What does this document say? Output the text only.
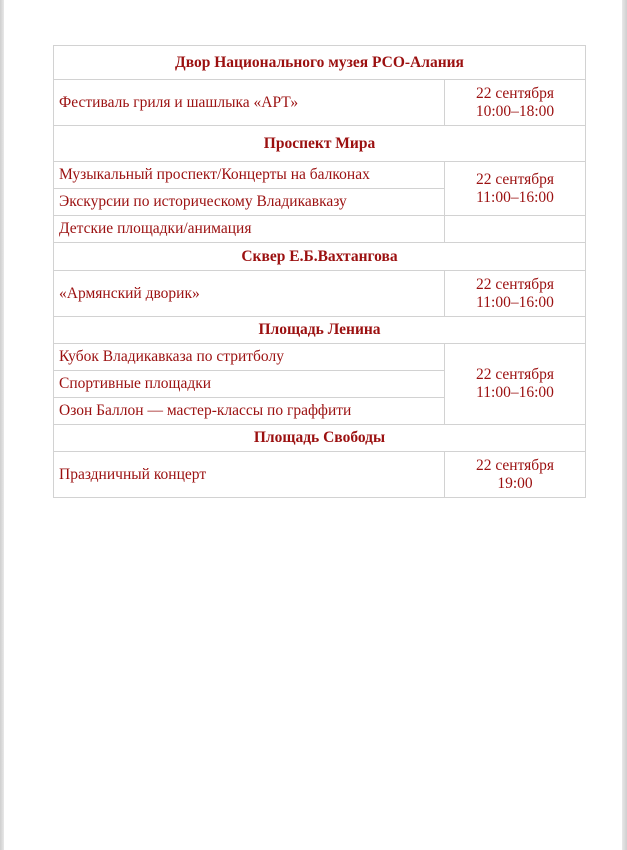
Двор Национального музея РСО-Алания	
Фестиваль гриля и шашлыка «АРТ»	22 сентября
10:00–18:00

Проспект Мира	
Музыкальный проспект/Концерты на балконах	22 сентября
11:00–16:00

Экскурсии по историческому Владикавказу	
Детские площадки/анимация	
Сквер Е.Б.Вахтангова	
«Армянский дворик»	22 сентября
11:00–16:00

Площадь Ленина	
Кубок Владикавказа по стритболу	22 сентября
11:00–16:00

Спортивные площадки	
Озон Баллон — мастер-классы по граффити	
Площадь Свободы	
Праздничный концерт	22 сентября
19:00
